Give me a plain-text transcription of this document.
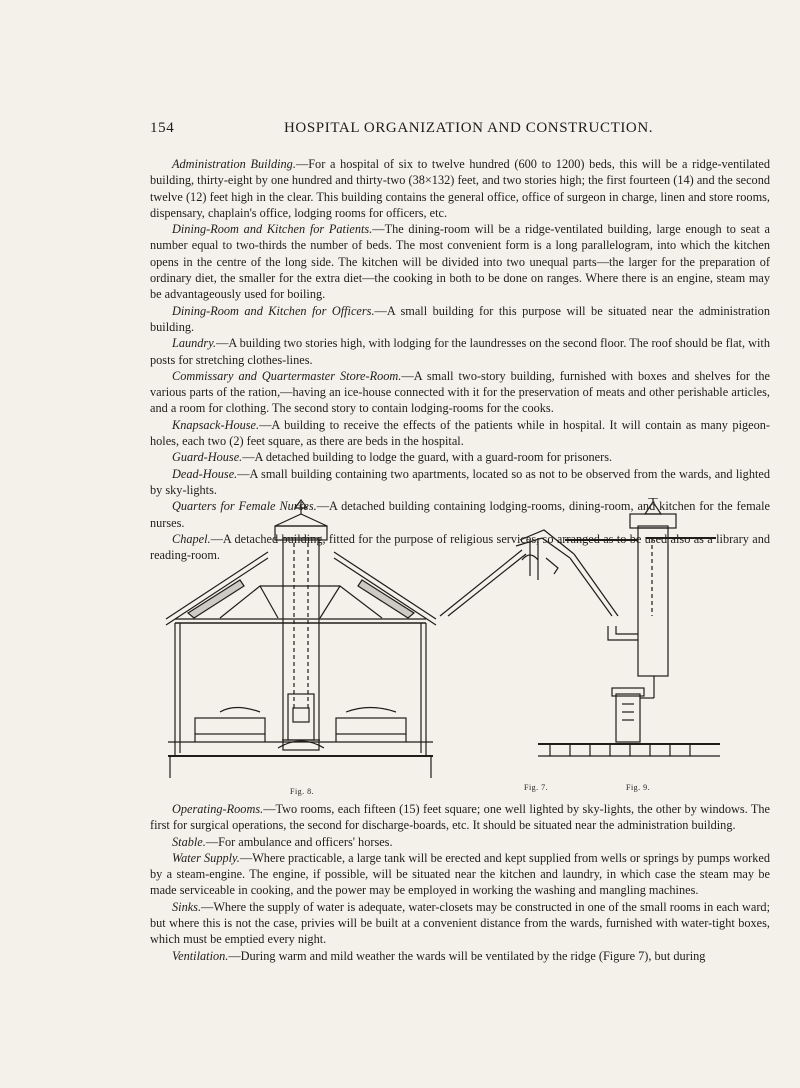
154	HOSPITAL ORGANIZATION AND CONSTRUCTION.

Administration Building.—For a hospital of six to twelve hundred (600 to 1200) beds, this will be a ridge-ventilated building, thirty-eight by one hundred and thirty-two (38×132) feet, and two stories high; the first fourteen (14) and the second twelve (12) feet high in the clear. This building contains the general office, office of surgeon in charge, linen and store rooms, dispensary, chaplain's office, lodging rooms for officers, etc.

Dining-Room and Kitchen for Patients.—The dining-room will be a ridge-ventilated building, large enough to seat a number equal to two-thirds the number of beds. The most convenient form is a long parallelogram, into which the kitchen opens in the centre of the long side. The kitchen will be divided into two unequal parts—the larger for the preparation of ordinary diet, the smaller for the extra diet—the cooking in both to be done on ranges. Where there is an engine, steam may be advantageously used for boiling.

Dining-Room and Kitchen for Officers.—A small building for this purpose will be situated near the administration building.

Laundry.—A building two stories high, with lodging for the laundresses on the second floor. The roof should be flat, with posts for stretching clothes-lines.

Commissary and Quartermaster Store-Room.—A small two-story building, furnished with boxes and shelves for the various parts of the ration,—having an ice-house connected with it for the preservation of meats and other perishable articles, and a room for clothing. The second story to contain lodging-rooms for the cooks.

Knapsack-House.—A building to receive the effects of the patients while in hospital. It will contain as many pigeon-holes, each two (2) feet square, as there are beds in the hospital.

Guard-House.—A detached building to lodge the guard, with a guard-room for prisoners.

Dead-House.—A small building containing two apartments, located so as not to be observed from the wards, and lighted by sky-lights.

Quarters for Female Nurses.—A detached building containing lodging-rooms, dining-room, and kitchen for the female nurses.

Chapel.—A detached building, fitted for the purpose of religious services, so arranged as to be used also as a library and reading-room.

Fig. 8.	Fig. 7.	Fig. 9.

Operating-Rooms.—Two rooms, each fifteen (15) feet square; one well lighted by sky-lights, the other by windows. The first for surgical operations, the second for discharge-boards, etc. It should be situated near the administration building.

Stable.—For ambulance and officers' horses.

Water Supply.—Where practicable, a large tank will be erected and kept supplied from wells or springs by pumps worked by a steam-engine. The engine, if possible, will be situated near the kitchen and laundry, in which case the steam may be made serviceable in cooking, and the power may be employed in working the washing and mangling machines.

Sinks.—Where the supply of water is adequate, water-closets may be constructed in one of the small rooms in each ward; but where this is not the case, privies will be built at a convenient distance from the wards, furnished with water-tight boxes, which must be emptied every night.

Ventilation.—During warm and mild weather the wards will be ventilated by the ridge (Figure 7), but during
